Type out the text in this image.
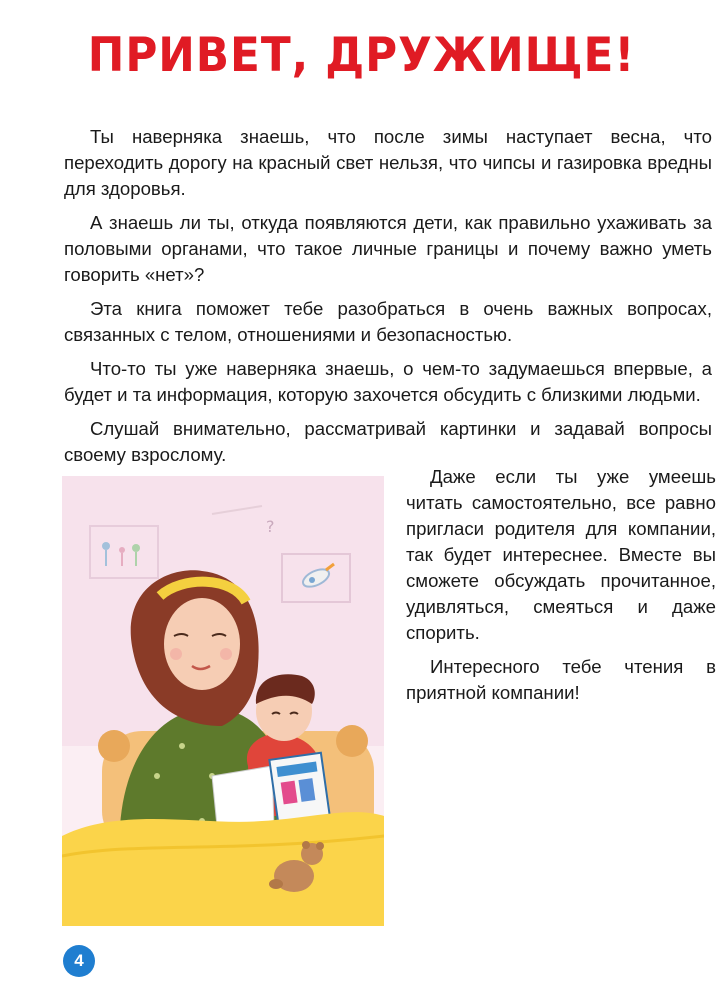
ПРИВЕТ, ДРУЖИЩЕ!

Ты наверняка знаешь, что после зимы наступает весна, что переходить дорогу на красный свет нельзя, что чипсы и газировка вредны для здоровья.

А знаешь ли ты, откуда появляются дети, как правильно ухаживать за половыми органами, что такое личные границы и почему важно уметь говорить «нет»?

Эта книга поможет тебе разобраться в очень важных вопросах, связанных с телом, отношениями и безопасностью.

Что-то ты уже наверняка знаешь, о чем-то задумаешься впервые, а будет и та информация, которую захочется обсудить с близкими людьми.

Слушай внимательно, рассматривай картинки и задавай вопросы своему взрослому.

?

Даже если ты уже умеешь читать самостоятельно, все равно пригласи родителя для компании, так будет интереснее. Вместе вы сможете обсуждать прочитанное, удивляться, смеяться и даже спорить.

Интересного тебе чтения в приятной компании!

4
